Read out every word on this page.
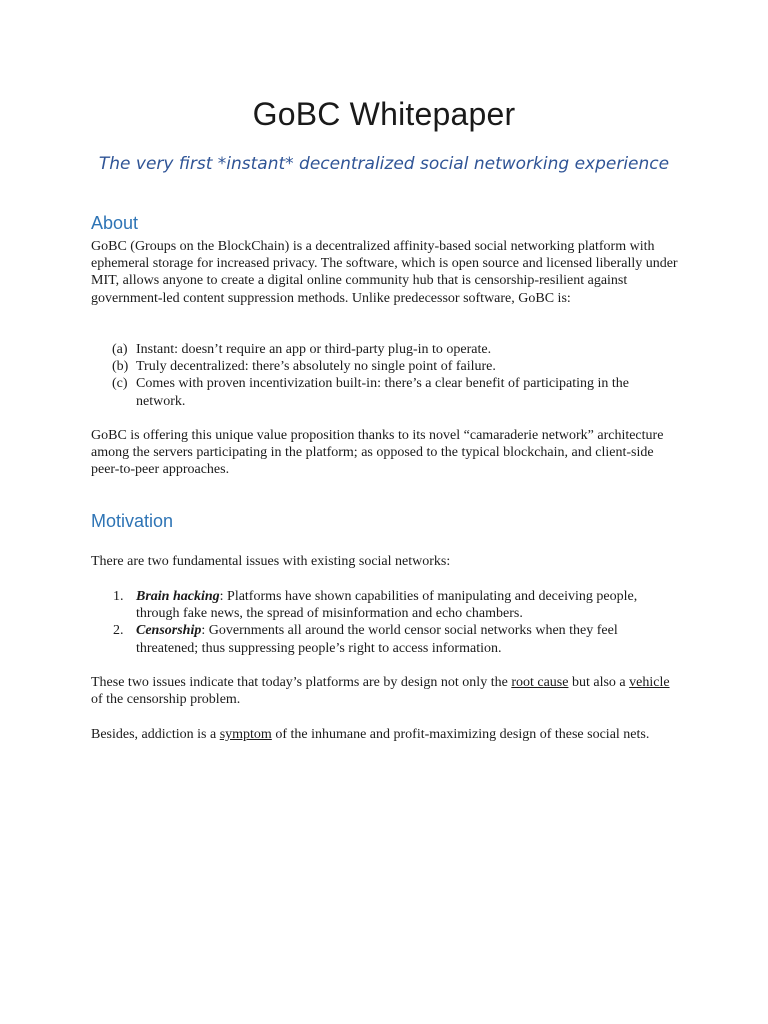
GoBC Whitepaper
The very first *instant* decentralized social networking experience
About

GoBC (Groups on the BlockChain) is a decentralized affinity-based social networking platform with ephemeral storage for increased privacy. The software, which is open source and licensed liberally under MIT, allows anyone to create a digital online community hub that is censorship-resilient against government-led content suppression methods. Unlike predecessor software, GoBC is:

(a) Instant: doesn’t require an app or third-party plug-in to operate.
(b) Truly decentralized: there’s absolutely no single point of failure.
(c) Comes with proven incentivization built-in: there’s a clear benefit of participating in the network.

GoBC is offering this unique value proposition thanks to its novel “camaraderie network” architecture among the servers participating in the platform; as opposed to the typical blockchain, and client-side peer-to-peer approaches.

Motivation

There are two fundamental issues with existing social networks:

1. Brain hacking: Platforms have shown capabilities of manipulating and deceiving people, through fake news, the spread of misinformation and echo chambers.
2. Censorship: Governments all around the world censor social networks when they feel threatened; thus suppressing people’s right to access information.

These two issues indicate that today’s platforms are by design not only the root cause but also a vehicle of the censorship problem.

Besides, addiction is a symptom of the inhumane and profit-maximizing design of these social nets.
